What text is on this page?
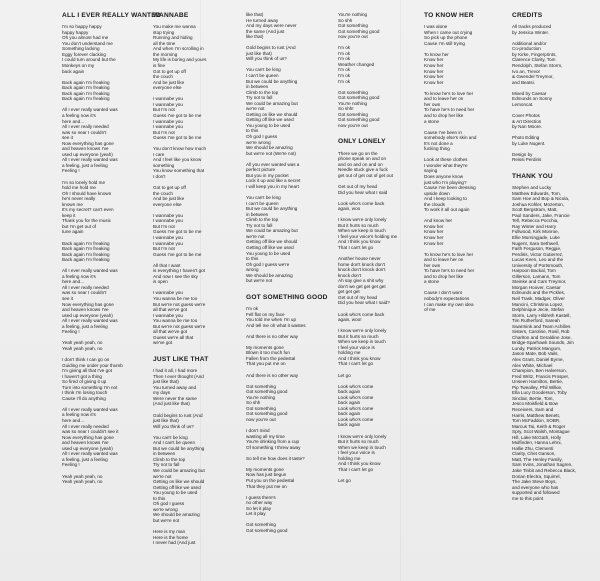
ALL I EVER REALLY WANTED
I'm so happy happy
happy happy
Oh you almost had me
You don't understand me
Something lacking
Eggy forever clacking
I could turn around but the
Monkeys on my
back again
Back again I'm freaking
Back again I'm freaking
Back again I'm freaking
Back again I'm freaking
All I ever really wanted was
a feeling now it's
here and…
All I ever really needed
was so near I couldn't
see it
Now everything has gone
and heaven knows I've
used up everyone (yeah)
All I ever really wanted was
a feeling, just a feeling
Feeling !
I'm so lonely hold me
hold me hold me
Oh I should have known
he's never really
known me
It's my secret? can't even
keep it
Thank you for the music
but I'm get out of
tune again
Back again I'm freaking
Back again I'm freaking
Back again I'm freaking
Back again I'm freaking
All I ever really wanted was
a feeling now it's
here and…
All I ever really needed
was so near I couldn't
see it
Now everything has gone
and heaven knows I've
used up everyone (yeah)
All I ever really wanted was
a feeling, just a feeling
Feeling !
Yeah yeah yeah, no
Yeah yeah yeah, no
I don't think I can go on
Guiding me under your thumb
I'm giving all that I've got
I haven't got a thing
So fired of giving it up
Turn into something I'm not
I think I'm losing touch
Cause I'll do anything
All I ever really wanted was
a feeling now it's
here and…
All I ever really needed
was so near I couldn't see it
Now everything has gone
and heaven knows I've
used up everyone (yeah)
All I ever really wanted was
a feeling, just a feeling
Feeling !
Yeah yeah yeah, no
Yeah yeah yeah, no
WANNABE
You make me wanna
stop trying
Running and hiding
all the time
And when I'm scrolling in
the morning
My life is boring and yours
is fine
Got to get up off
the couch
And be just like
everyone else
I wannabe you
I wannabe you
But I'm not
Guess I've got to be me
I wannabe you
I wannabe you
But I'm not
Guess I've got to be me
You don't know how much
I care
And I feel like you know
something
You know something that
I don't
Got to get up off
the couch
And be just like
everyone else
I wannabe you
I wannabe you
But I'm not
Guess I've got to be me
I wannabe you
I wannabe you
But I'm not
Guess I've got to be me
All that I want
is everything I haven't got
And now I see the sky
is open
I wannabe you
You wanna be me too
But we're not guess we're
all that we've got
I wannabe you
You wanna be me too
But we're not guess we're
all that we've got
Guess we're all that
we've got
JUST LIKE THAT
I had it all, I had more
Then I ever thought (And
just like that)
You turned away and
my days
Were never the same
(And just like that)
Gold begins to rust (And
just like that)
Will you think of us?
You can't be king
And I can't be queen
But we could be anything
in between
Climb to the top
Try not to fall
We could be amazing but
we're not
Getting on like we should
Getting off like we used
You young to be used
to this
Oh god I guess
we're wrong
We should be amazing
but we're not
Here is my man
Here is the home
I never had (And just
like that)
He turned away
And my days were never
the same (And just
like that)
Gold begins to rust (And
just like that)
Will you think of us?
You can't be king
I can't be queen
But we could be anything
in between
Climb to the top
Try not to fall
We could be amazing but
we're not
Getting on like we should
Getting off like we used
You young to be used
to this
Oh god I guess
we're wrong
We should be amazing
but we're not (We're not)
All you ever wanted was a
perfect picture
But you in my pocket
Lock it up and like a secret
I will keep you in my heart
You can't be king
I can't be queen
But we could be anything
in between
Climb to the top
Try not to fall
We could be amazing but
we're not
Getting off like we should
Getting off like we used
You young to be used
to this
Oh god I guess we're
wrong
We should be amazing
but we're not
GOT SOMETHING GOOD
I'm ok
Fell flat on my face
You told me when I'm up
And tell me oh what it wastes
And there is no other way
My moments gone
Blown it too much fun
Fallen from the pedestal
That you put me on
And there is no other way
Got something
Got something good
You're nothing
So shh
Got something
Got something good
now you're out
I don't mind
wasting all my time
You're drinking from a cup
Of something I threw away
So tell me how does it taste?
My moments gone
Now has just begun
Put you on the pedestal
That they put me on
I guess there's
no other way
So let it play
Let it play
Got something
Got something good
You're nothing
So shh
Got something
Got something good
now you're out
I'm ok
I'm ok
I'm ok
Weather changed
I'm ok
I'm ok
I'm ok
Got something
Got something good
You're nothing
So shh!
Got something
Got something good
now you're out
ONLY LONELY
There we go on the
phone speak on and on
and on and on and on
Needle stuck give a fuck
get out of get out of get out
Get out of my head
Did you hear what I said
Look who's come back
again, woo
I know we're only lonely
But it hurts so much
When we keep in touch
I feel your voice's holding me
And I think you know
That I can't let go
Another house never
home don't knock don't
knock don't knock don't
knock don't
Ah say give a shit why
don't we get get get get
get get get
Get out of my head
Did you hear what I said?
Look who's come back
again, woo!
I know we're only lonely
But it hurts so much
When we keep in touch
I feel your voice is
holding me
And I think you know
That I can't let go
Let go
Look who's come
back again
Look who's come
back again
Look who's come
back again
Look who's come
back again
I know we're only lonely
But it hurts so much
When we keep in touch
I feel your voice is
holding me
And I think you know
That I can't let go
Let go
TO KNOW HER
I was alone
When I came out crying
So pick up the phone
Cause I'm still trying
To know her
Know her
Know her
Know her
Know her
Know her
To know he's to love her
and to leave her on
her own
To have he's to need her
and to drop her like
a stone
Cause I've been in
somebody else's skin and
It's not done a
fucking thing
Look at these clothes
I wonder what they're
saying
Does anyone know
just who I'm playing?
Cause I've been dressing
upside down
And I keep looking to
the clouds
To work it all out again
And know her
Know her
Know her
Know her
Know her
To know he's to love her
and to leave her on
her own
To have he's to need her
and to drop her like
a stone
Cause I don't want
nobody's expectations
I can make my own idea
of me
CREDITS
All tracks produced
by Jessica Winter.
Additional and/or
Co-production
by Kirke, Fingerprints,
Clarence Clarity, Tom
Rendolph, Stefan Storm,
Ivo an, Trevor
& Gwendel Treymor,
and Beatsi.
Mixed by Caesar
Edmunds on Sonny
Lemoncat.
Cover Photos
& Art Direction
by Nan Moore.
Photo Editing
by Luke Nugent.
Design by
Reissi Perdiris
THANK YOU
Stephen and Lucky
Matthew Edwards, Tom,
Sam Hoe and Bop & Nicola,
Joshua Kohler, Mozerton,
Scott Bergstram, Matt,
Paul Sanders, Jake, Francie
Tell, Rebecca Pocchia,
Ray Winter and Harry
Fullwood, Kirk Monroe,
Ellie Morningjade, Luke
Nugent, Sara Sethwell,
Faith Ferguson, Reggie,
Perdiris, Victor Gutierrez,
Lucas Keen, Leo and the
University of Portsmouth,
Harpoon Backal, Tom
Gillerson, Lamann, Tom
Steinke and Cam Treymor,
Morgan Hoover, Caesar
Edmunds and the Pickles,
Neil Trask, Madger, Oliver
Mancini, Christina Lopez,
Delphinique Jecie, Stefan
Storm, Larry Hildreth Kastell,
Tim Rutherford, Sareah
Swarmink and Team Achilles
Sisters, Caroline, Rosil, Rob
Charlton and Geraldine Jose,
Bridge-Sparhawk Sounds, Jim
Lundy, Patrick Mangum,
Jason Mate, Bob Vails,
Alex Grant, Daniel Byrne,
Alex White, Michael
Champion, Ben Halverson,
Fred Writz, Francis Prosper,
Unseen Hamilton, Bertie,
Pip Twealley, Phil Wilkie,
Ella Lucy Gooderson, Toby
Sinclair, Bertie, Tom,
Jesco Moisfield & Bow
Receivers, Sam and
Harris, Matthew Benett,
Tom McFaddon, SOBR,
Marcus Tai, Keith & Roger
Spry, Scot Walsh, Montague
Hill, Lake McGath, Holly
Mulfinden, Hanna Lehni,
Hallie Zhu, Clementi
Clarity, Chet Ganson,
Matt, The Henley Family,
Sam Irvins, Jonathan Sagren,
Jake Tinbit and Rebecca Black,
Dorian Electra, Squirrel,
The Jake Steve Boys,
and everyone who has
supported and followed
me to this point
